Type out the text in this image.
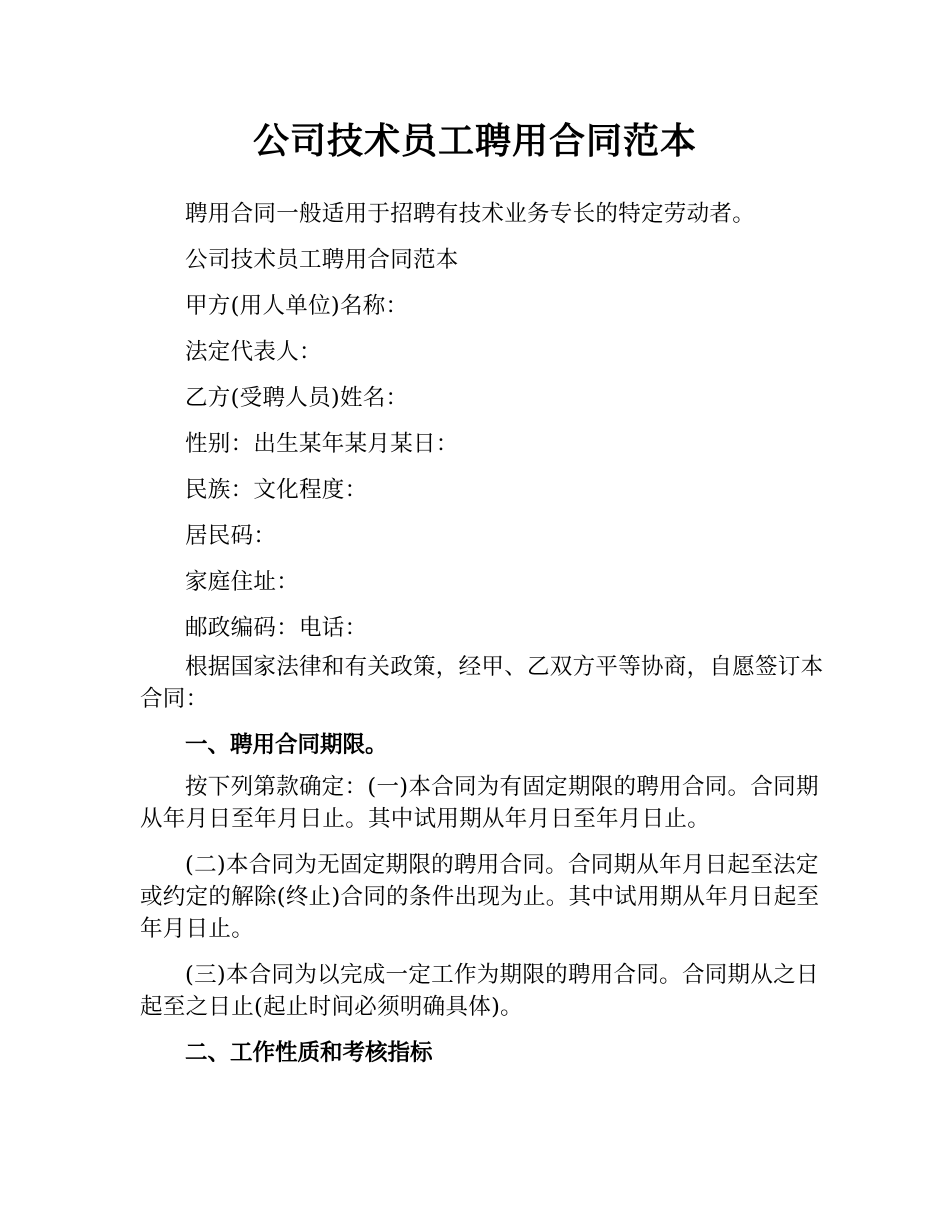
公司技术员工聘用合同范本
聘用合同一般适用于招聘有技术业务专长的特定劳动者。
公司技术员工聘用合同范本
甲方(用人单位)名称：
法定代表人：
乙方(受聘人员)姓名：
性别：出生某年某月某日：
民族：文化程度：
居民码：
家庭住址：
邮政编码：电话：
根据国家法律和有关政策，经甲、乙双方平等协商，自愿签订本合同：
一、聘用合同期限。
按下列第款确定：(一)本合同为有固定期限的聘用合同。合同期从年月日至年月日止。其中试用期从年月日至年月日止。
(二)本合同为无固定期限的聘用合同。合同期从年月日起至法定或约定的解除(终止)合同的条件出现为止。其中试用期从年月日起至年月日止。
(三)本合同为以完成一定工作为期限的聘用合同。合同期从之日起至之日止(起止时间必须明确具体)。
二、工作性质和考核指标
